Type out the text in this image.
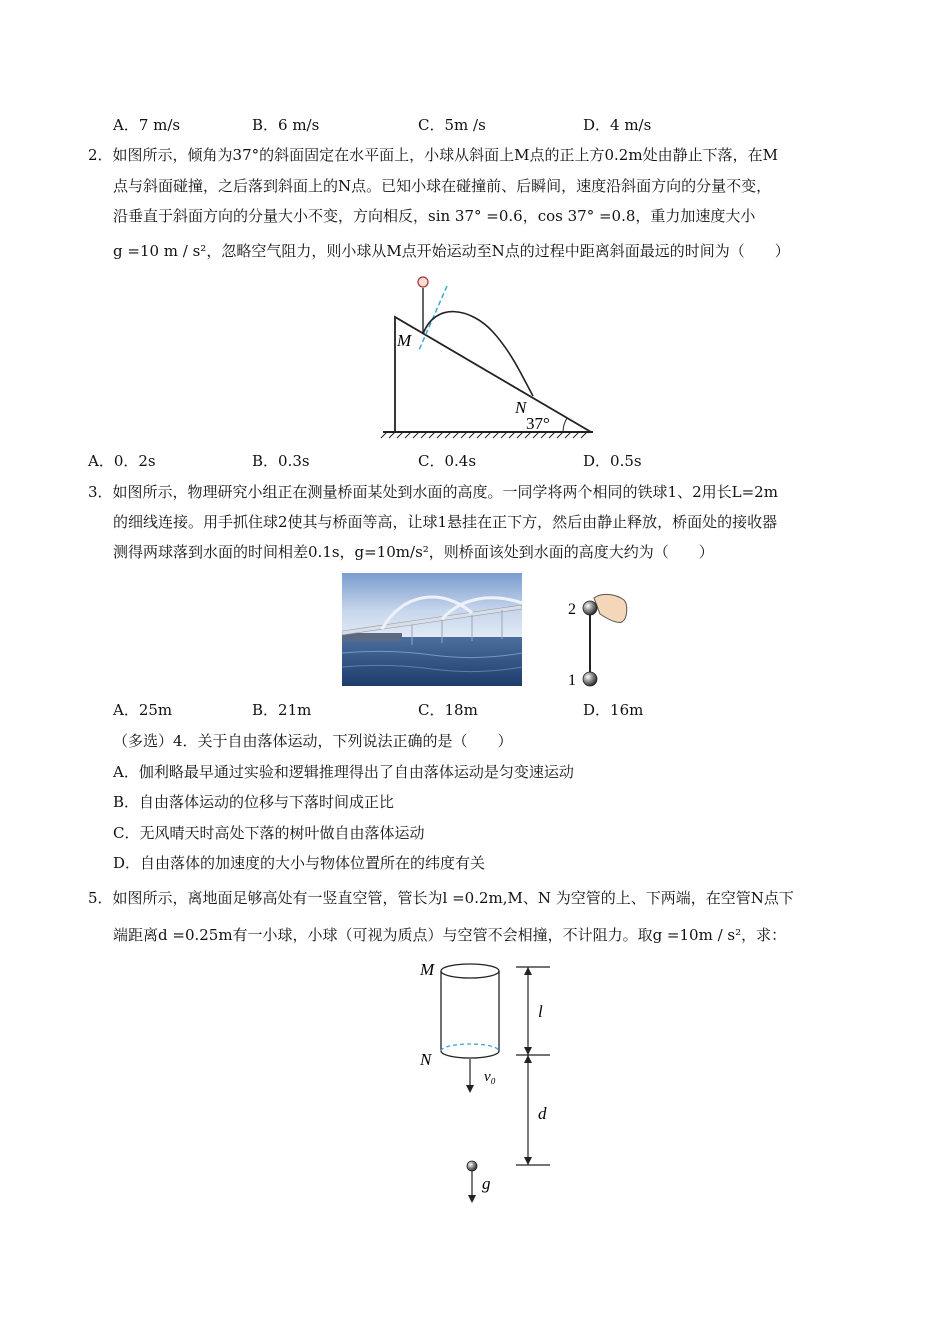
A．7 m/s	B．6 m/s	C．5m /s	D．4 m/s
2．如图所示，倾角为37°的斜面固定在水平面上，小球从斜面上M点的正上方0.2m处由静止下落，在M
点与斜面碰撞，之后落到斜面上的N点。已知小球在碰撞前、后瞬间，速度沿斜面方向的分量不变，
沿垂直于斜面方向的分量大小不变，方向相反，sin 37° =0.6，cos 37° =0.8，重力加速度大小
g =10 m / s²，忽略空气阻力，则小球从M点开始运动至N点的过程中距离斜面最远的时间为（　　）
M
N
37°
A．0．2s	B．0.3s	C．0.4s	D．0.5s
3．如图所示，物理研究小组正在测量桥面某处到水面的高度。一同学将两个相同的铁球1、2用长L=2m
的细线连接。用手抓住球2使其与桥面等高，让球1悬挂在正下方，然后由静止释放，桥面处的接收器
测得两球落到水面的时间相差0.1s，g=10m/s²，则桥面该处到水面的高度大约为（　　）
2
1
A．25m	B．21m	C．18m	D．16m
（多选）4．关于自由落体运动，下列说法正确的是（　　）
A．伽利略最早通过实验和逻辑推理得出了自由落体运动是匀变速运动
B．自由落体运动的位移与下落时间成正比
C．无风晴天时高处下落的树叶做自由落体运动
D．自由落体的加速度的大小与物体位置所在的纬度有关
5．如图所示，离地面足够高处有一竖直空管，管长为l =0.2m,M、N 为空管的上、下两端，在空管N点下
端距离d =0.25m有一小球，小球（可视为质点）与空管不会相撞，不计阻力。取g =10m / s²，求：
M
N
l
d
v₀
g
